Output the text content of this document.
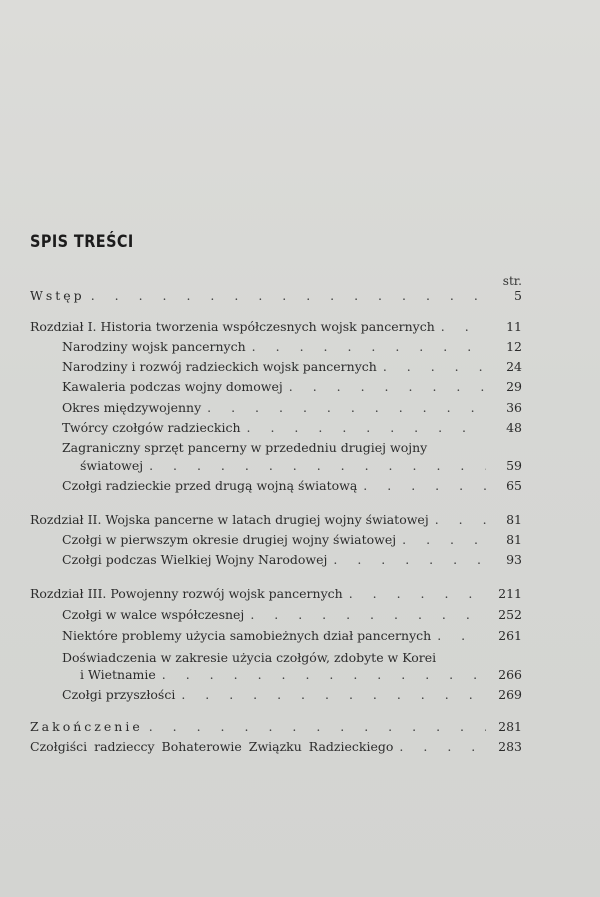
SPIS TREŚCI
str.
Wstęp . . .	5
Rozdział I. Historia tworzenia współczesnych wojsk pancernych . . .	11
Narodziny wojsk pancernych . . .	12
Narodziny i rozwój radzieckich wojsk pancernych . . .	24
Kawaleria podczas wojny domowej . . .	29
Okres międzywojenny . . .	36
Twórcy czołgów radzieckich . . .	48
Zagraniczny sprzęt pancerny w przededniu drugiej wojny
światowej . . .	59
Czołgi radzieckie przed drugą wojną światową . . .	65
Rozdział II. Wojska pancerne w latach drugiej wojny światowej . . .	81
Czołgi w pierwszym okresie drugiej wojny światowej . . .	81
Czołgi podczas Wielkiej Wojny Narodowej . . .	93
Rozdział III. Powojenny rozwój wojsk pancernych . . .	211
Czołgi w walce współczesnej . . .	252
Niektóre problemy użycia samobieżnych dział pancernych . . .	261
Doświadczenia w zakresie użycia czołgów, zdobyte w Korei
i Wietnamie . . .	266
Czołgi przyszłości . . .	269
Zakończenie . . .	281
Czołgiści radzieccy Bohaterowie Związku Radzieckiego . . .	283
